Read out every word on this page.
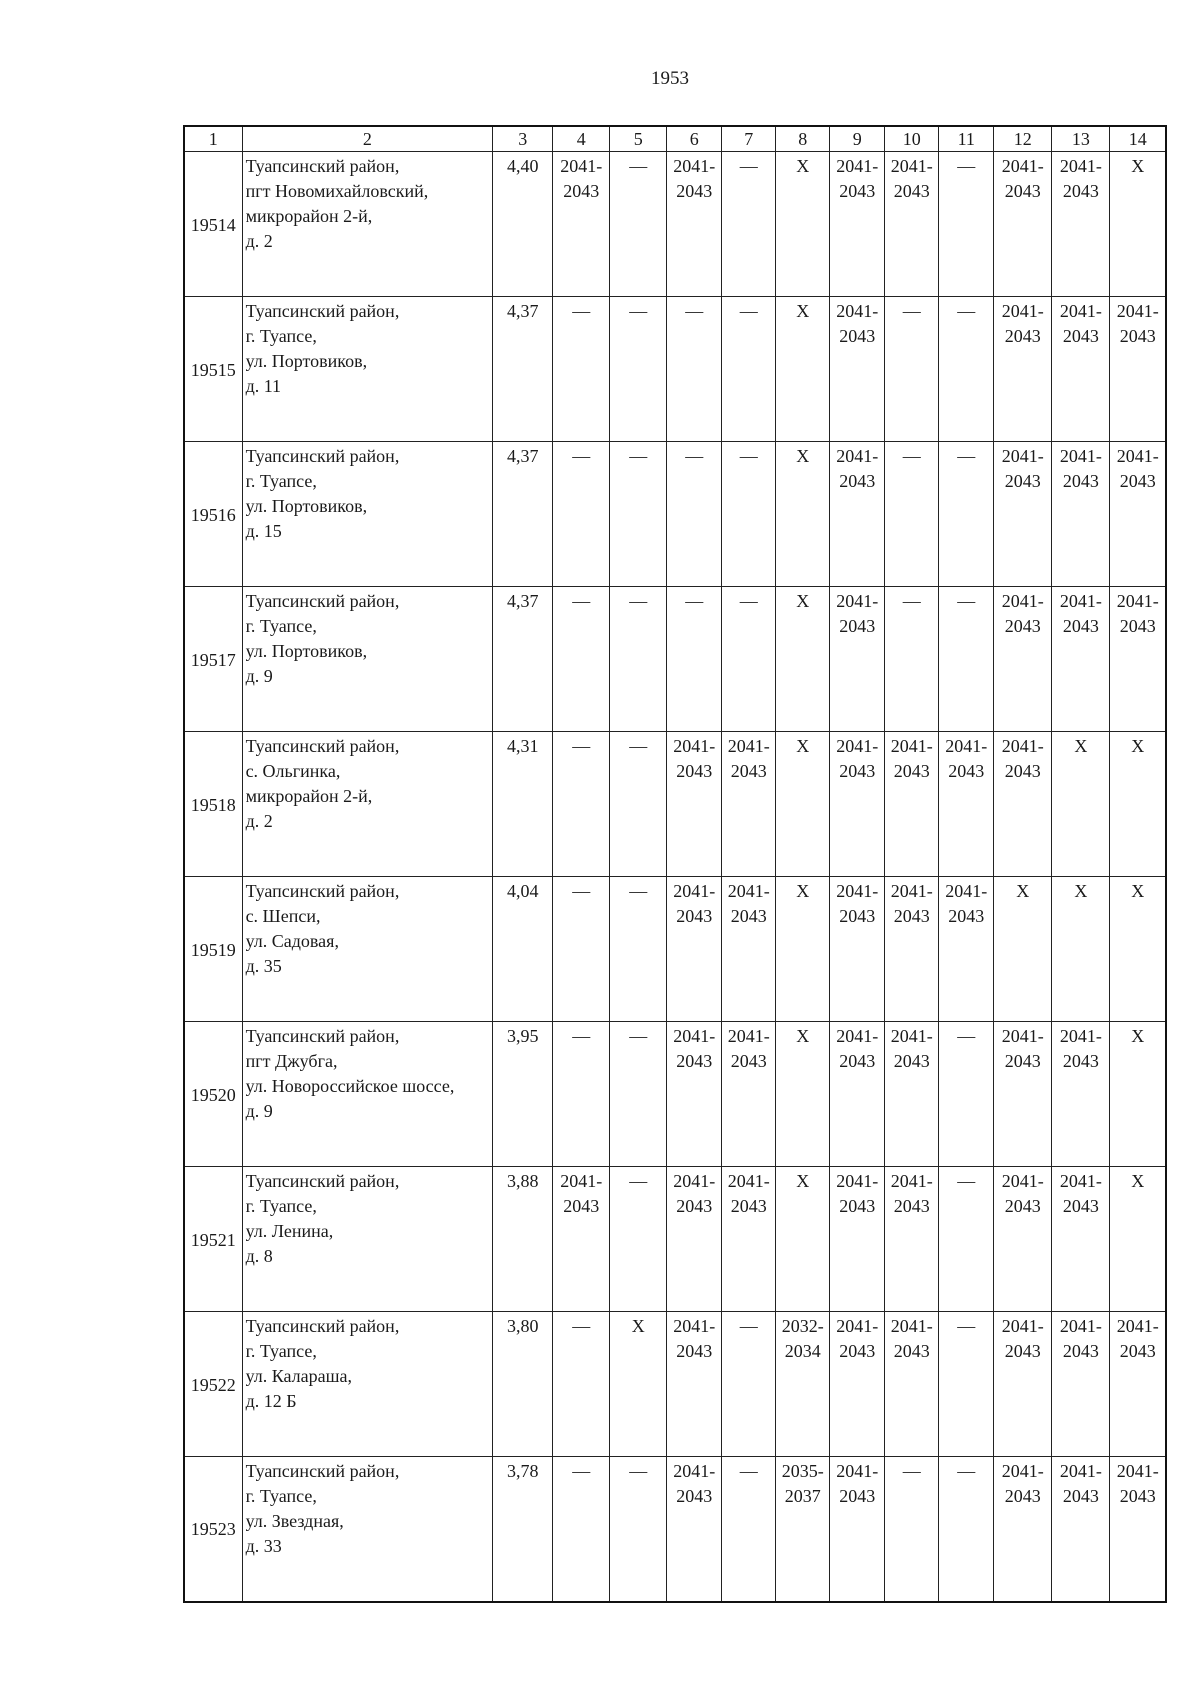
1953
1	2	3	4	5	6	7	8	9	10	11	12	13	14
19514	Туапсинский район,
пгт Новомихайловский,
микрорайон 2-й,
д. 2	4,40	2041-
2043	—	2041-
2043	—	X	2041-
2043	2041-
2043	—	2041-
2043	2041-
2043	X

19515	Туапсинский район,
г. Туапсе,
ул. Портовиков,
д. 11	4,37	—	—	—	—	X	2041-
2043	—	—	2041-
2043	2041-
2043	2041-
2043

19516	Туапсинский район,
г. Туапсе,
ул. Портовиков,
д. 15	4,37	—	—	—	—	X	2041-
2043	—	—	2041-
2043	2041-
2043	2041-
2043

19517	Туапсинский район,
г. Туапсе,
ул. Портовиков,
д. 9	4,37	—	—	—	—	X	2041-
2043	—	—	2041-
2043	2041-
2043	2041-
2043

19518	Туапсинский район,
с. Ольгинка,
микрорайон 2-й,
д. 2	4,31	—	—	2041-
2043	2041-
2043	X	2041-
2043	2041-
2043	2041-
2043	2041-
2043	X	X

19519	Туапсинский район,
с. Шепси,
ул. Садовая,
д. 35	4,04	—	—	2041-
2043	2041-
2043	X	2041-
2043	2041-
2043	2041-
2043	X	X	X

19520	Туапсинский район,
пгт Джубга,
ул. Новороссийское шоссе,
д. 9	3,95	—	—	2041-
2043	2041-
2043	X	2041-
2043	2041-
2043	—	2041-
2043	2041-
2043	X

19521	Туапсинский район,
г. Туапсе,
ул. Ленина,
д. 8	3,88	2041-
2043	—	2041-
2043	2041-
2043	X	2041-
2043	2041-
2043	—	2041-
2043	2041-
2043	X

19522	Туапсинский район,
г. Туапсе,
ул. Калараша,
д. 12 Б	3,80	—	X	2041-
2043	—	2032-
2034	2041-
2043	2041-
2043	—	2041-
2043	2041-
2043	2041-
2043

19523	Туапсинский район,
г. Туапсе,
ул. Звездная,
д. 33	3,78	—	—	2041-
2043	—	2035-
2037	2041-
2043	—	—	2041-
2043	2041-
2043	2041-
2043
